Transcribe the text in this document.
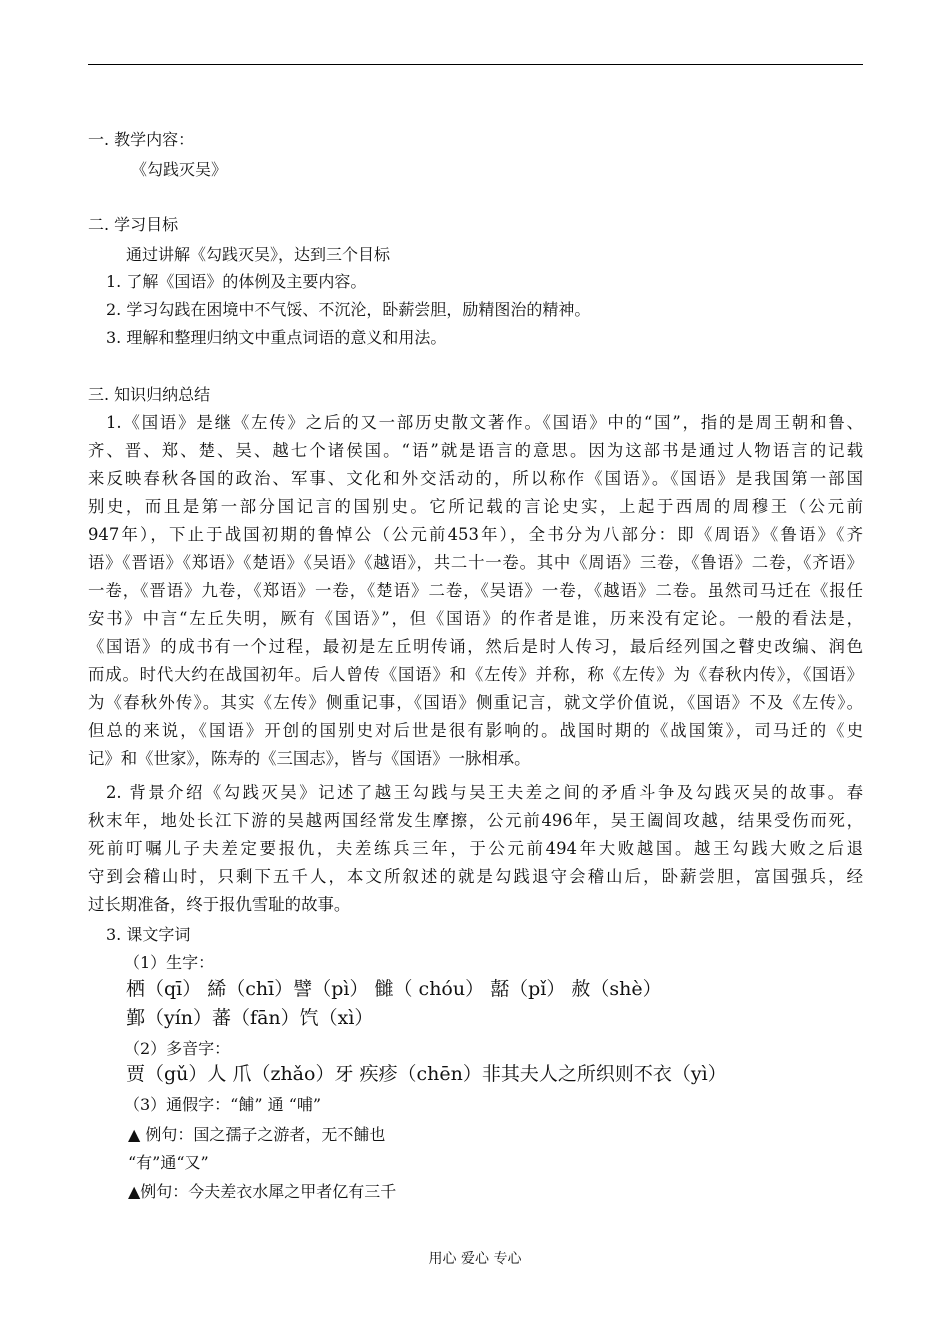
一. 教学内容：
《勾践灭吴》
二. 学习目标
通过讲解《勾践灭吴》，达到三个目标
1. 了解《国语》的体例及主要内容。
2. 学习勾践在困境中不气馁、不沉沦，卧薪尝胆，励精图治的精神。
3. 理解和整理归纳文中重点词语的意义和用法。
三. 知识归纳总结
1.《国语》是继《左传》之后的又一部历史散文著作。《国语》中的“国”，指的是周王朝和鲁、
齐、晋、郑、楚、吴、越七个诸侯国。“语”就是语言的意思。因为这部书是通过人物语言的记载
来反映春秋各国的政治、军事、文化和外交活动的，所以称作《国语》。《国语》是我国第一部国
别史，而且是第一部分国记言的国别史。它所记载的言论史实，上起于西周的周穆王（公元前
947年），下止于战国初期的鲁悼公（公元前453年），全书分为八部分：即《周语》《鲁语》《齐
语》《晋语》《郑语》《楚语》《吴语》《越语》，共二十一卷。其中《周语》三卷，《鲁语》二卷，《齐语》
一卷，《晋语》九卷，《郑语》一卷，《楚语》二卷，《吴语》一卷，《越语》二卷。虽然司马迁在《报任
安书》中言“左丘失明，厥有《国语》”，但《国语》的作者是谁，历来没有定论。一般的看法是，
《国语》的成书有一个过程，最初是左丘明传诵，然后是时人传习，最后经列国之瞽史改编、润色
而成。时代大约在战国初年。后人曾传《国语》和《左传》并称，称《左传》为《春秋内传》，《国语》
为《春秋外传》。其实《左传》侧重记事，《国语》侧重记言，就文学价值说，《国语》不及《左传》。
但总的来说，《国语》开创的国别史对后世是很有影响的。战国时期的《战国策》，司马迁的《史
记》和《世家》，陈寿的《三国志》，皆与《国语》一脉相承。
2. 背景介绍《勾践灭吴》记述了越王勾践与吴王夫差之间的矛盾斗争及勾践灭吴的故事。春
秋末年，地处长江下游的吴越两国经常发生摩擦，公元前496年，吴王阖闾攻越，结果受伤而死，
死前叮嘱儿子夫差定要报仇，夫差练兵三年，于公元前494年大败越国。越王勾践大败之后退
守到会稽山时，只剩下五千人，本文所叙述的就是勾践退守会稽山后，卧薪尝胆，富国强兵，经
过长期准备，终于报仇雪耻的故事。
3. 课文字词
（1）生字：
栖（qī） 絺（chī）譬（pì） 雠（ chóu） 嚭（pǐ） 赦（shè）
鄞（yín）蕃（fān）饩（xì）
（2）多音字：
贾（gǔ）人 爪（zhǎo）牙 疾疹（chēn）非其夫人之所织则不衣（yì）
（3）通假字：“餔” 通 “哺”
▲ 例句：国之孺子之游者，无不餔也
“有”通“又”
▲例句：今夫差衣水犀之甲者亿有三千
用心 爱心 专心
